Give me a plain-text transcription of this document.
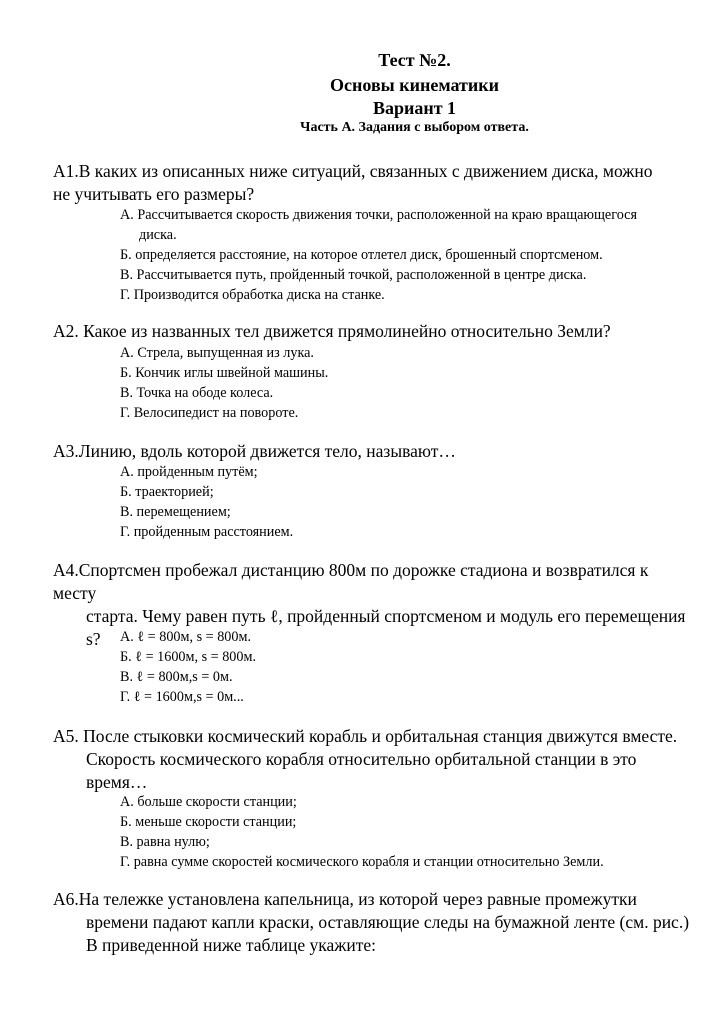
Тест №2.
Основы кинематики
Вариант 1
Часть А. Задания с выбором ответа.
А1.В каких из описанных ниже ситуаций, связанных с движением диска, можно
не учитывать его размеры?
А. Рассчитывается скорость движения точки, расположенной на краю вращающегося
диска.
Б. определяется расстояние, на которое отлетел диск, брошенный спортсменом.
В. Рассчитывается путь, пройденный точкой, расположенной в центре диска.
Г. Производится обработка диска на станке.
А2. Какое из названных тел движется прямолинейно относительно Земли?
А. Стрела, выпущенная из лука.
Б. Кончик иглы швейной машины.
В. Точка на ободе колеса.
Г. Велосипедист на повороте.
А3.Линию, вдоль которой движется тело, называют…
А. пройденным путём;
Б. траекторией;
В. перемещением;
Г. пройденным расстоянием.
А4.Спортсмен пробежал дистанцию 800м по дорожке стадиона и возвратился к месту
старта. Чему равен путь ℓ, пройденный спортсменом и модуль его перемещения
s?	А. ℓ = 800м, s = 800м.
Б. ℓ = 1600м, s = 800м.
В. ℓ = 800м,s = 0м.
Г. ℓ = 1600м,s = 0м...
А5. После стыковки космический корабль и орбитальная станция движутся вместе.
Скорость космического корабля относительно орбитальной станции в это
время…
А. больше скорости станции;
Б. меньше скорости станции;
В. равна нулю;
Г. равна сумме скоростей космического корабля и станции относительно Земли.
А6.На тележке установлена капельница, из которой через равные промежутки
времени падают капли краски, оставляющие следы на бумажной ленте (см. рис.)
В приведенной ниже таблице укажите:
